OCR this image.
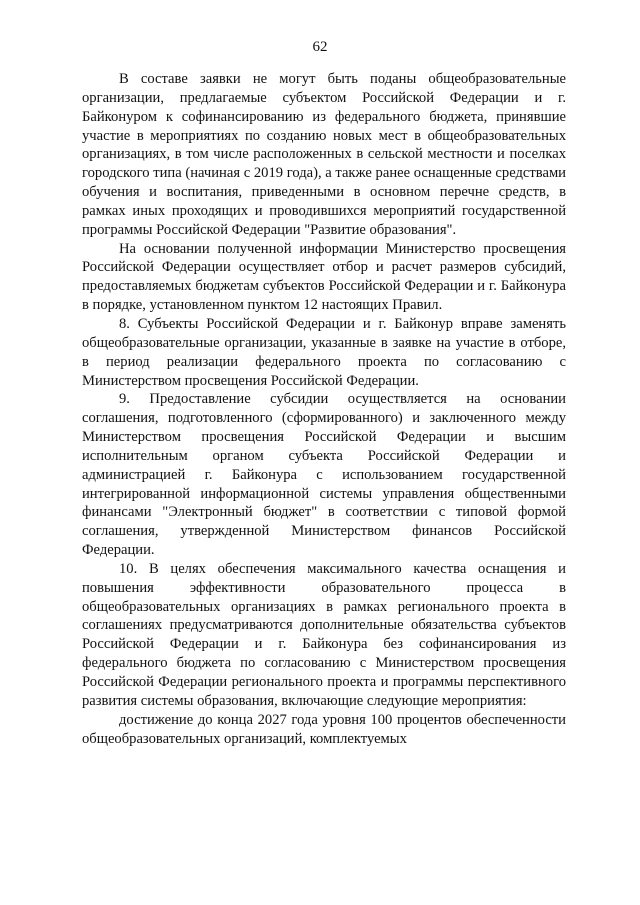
62

В составе заявки не могут быть поданы общеобразовательные организации, предлагаемые субъектом Российской Федерации и г. Байконуром к софинансированию из федерального бюджета, принявшие участие в мероприятиях по созданию новых мест в общеобразовательных организациях, в том числе расположенных в сельской местности и поселках городского типа (начиная с 2019 года), а также ранее оснащенные средствами обучения и воспитания, приведенными в основном перечне средств, в рамках иных проходящих и проводившихся мероприятий государственной программы Российской Федерации "Развитие образования".

На основании полученной информации Министерство просвещения Российской Федерации осуществляет отбор и расчет размеров субсидий, предоставляемых бюджетам субъектов Российской Федерации и г. Байконура в порядке, установленном пунктом 12 настоящих Правил.

8. Субъекты Российской Федерации и г. Байконур вправе заменять общеобразовательные организации, указанные в заявке на участие в отборе, в период реализации федерального проекта по согласованию с Министерством просвещения Российской Федерации.

9. Предоставление субсидии осуществляется на основании соглашения, подготовленного (сформированного) и заключенного между Министерством просвещения Российской Федерации и высшим исполнительным органом субъекта Российской Федерации и администрацией г. Байконура с использованием государственной интегрированной информационной системы управления общественными финансами "Электронный бюджет" в соответствии с типовой формой соглашения, утвержденной Министерством финансов Российской Федерации.

10. В целях обеспечения максимального качества оснащения и повышения эффективности образовательного процесса в общеобразовательных организациях в рамках регионального проекта в соглашениях предусматриваются дополнительные обязательства субъектов Российской Федерации и г. Байконура без софинансирования из федерального бюджета по согласованию с Министерством просвещения Российской Федерации регионального проекта и программы перспективного развития системы образования, включающие следующие мероприятия:

достижение до конца 2027 года уровня 100 процентов обеспеченности общеобразовательных организаций, комплектуемых
